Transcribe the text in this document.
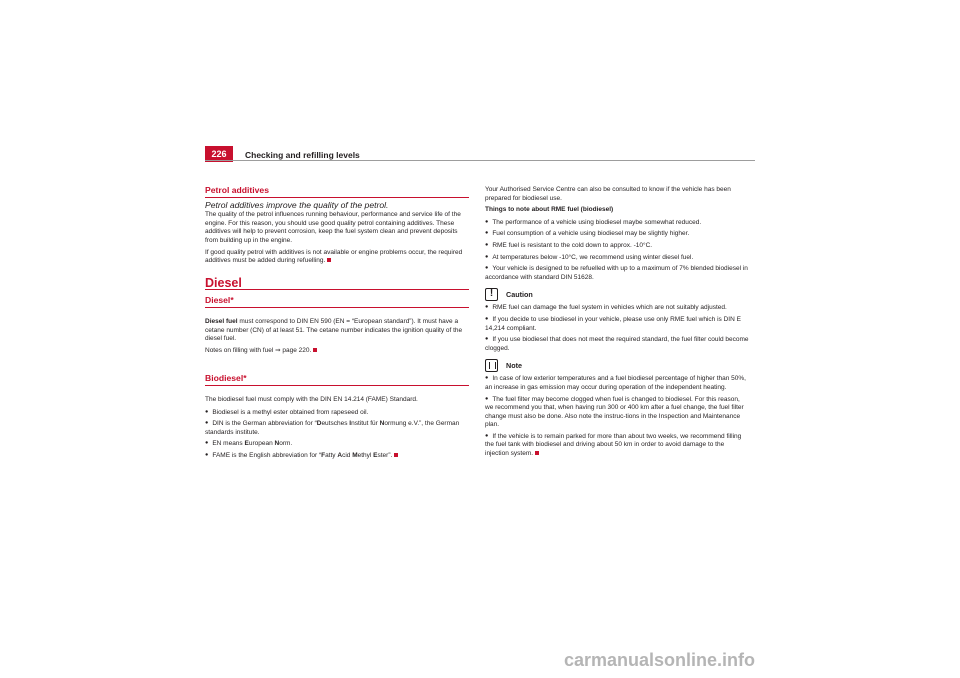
226	Checking and refilling levels
Petrol additives
Petrol additives improve the quality of the petrol.

The quality of the petrol influences running behaviour, performance and service life of the engine. For this reason, you should use good quality petrol containing additives. These additives will help to prevent corrosion, keep the fuel system clean and prevent deposits from building up in the engine.

If good quality petrol with additives is not available or engine problems occur, the required additives must be added during refuelling.

Diesel
Diesel*

Diesel fuel must correspond to DIN EN 590 (EN = “European standard”). It must have a cetane number (CN) of at least 51. The cetane number indicates the ignition quality of the diesel fuel.

Notes on filling with fuel ⇒ page 220.

Biodiesel*

The biodiesel fuel must comply with the DIN EN 14.214 (FAME) Standard.

● Biodiesel is a methyl ester obtained from rapeseed oil.
● DIN is the German abbreviation for “Deutsches Institut für Normung e.V.”, the German standards institute.
● EN means European Norm.
● FAME is the English abbreviation for “Fatty Acid Methyl Ester”.

Your Authorised Service Centre can also be consulted to know if the vehicle has been prepared for biodiesel use.

Things to note about RME fuel (biodiesel)

● The performance of a vehicle using biodiesel maybe somewhat reduced.
● Fuel consumption of a vehicle using biodiesel may be slightly higher.
● RME fuel is resistant to the cold down to approx. -10°C.
● At temperatures below -10°C, we recommend using winter diesel fuel.
● Your vehicle is designed to be refuelled with up to a maximum of 7% blended biodiesel in accordance with standard DIN 51628.
!
Caution
● RME fuel can damage the fuel system in vehicles which are not suitably adjusted.
● If you decide to use biodiesel in your vehicle, please use only RME fuel which is DIN E 14,214 compliant.
● If you use biodiesel that does not meet the required standard, the fuel filter could become clogged.
Note
● In case of low exterior temperatures and a fuel biodiesel percentage of higher than 50%, an increase in gas emission may occur during operation of the independent heating.
● The fuel filter may become clogged when fuel is changed to biodiesel. For this reason, we recommend you that, when having run 300 or 400 km after a fuel change, the fuel filter change must also be done. Also note the instruc-tions in the Inspection and Maintenance plan.
● If the vehicle is to remain parked for more than about two weeks, we recommend filling the fuel tank with biodiesel and driving about 50 km in order to avoid damage to the injection system.
carmanualsonline.info
